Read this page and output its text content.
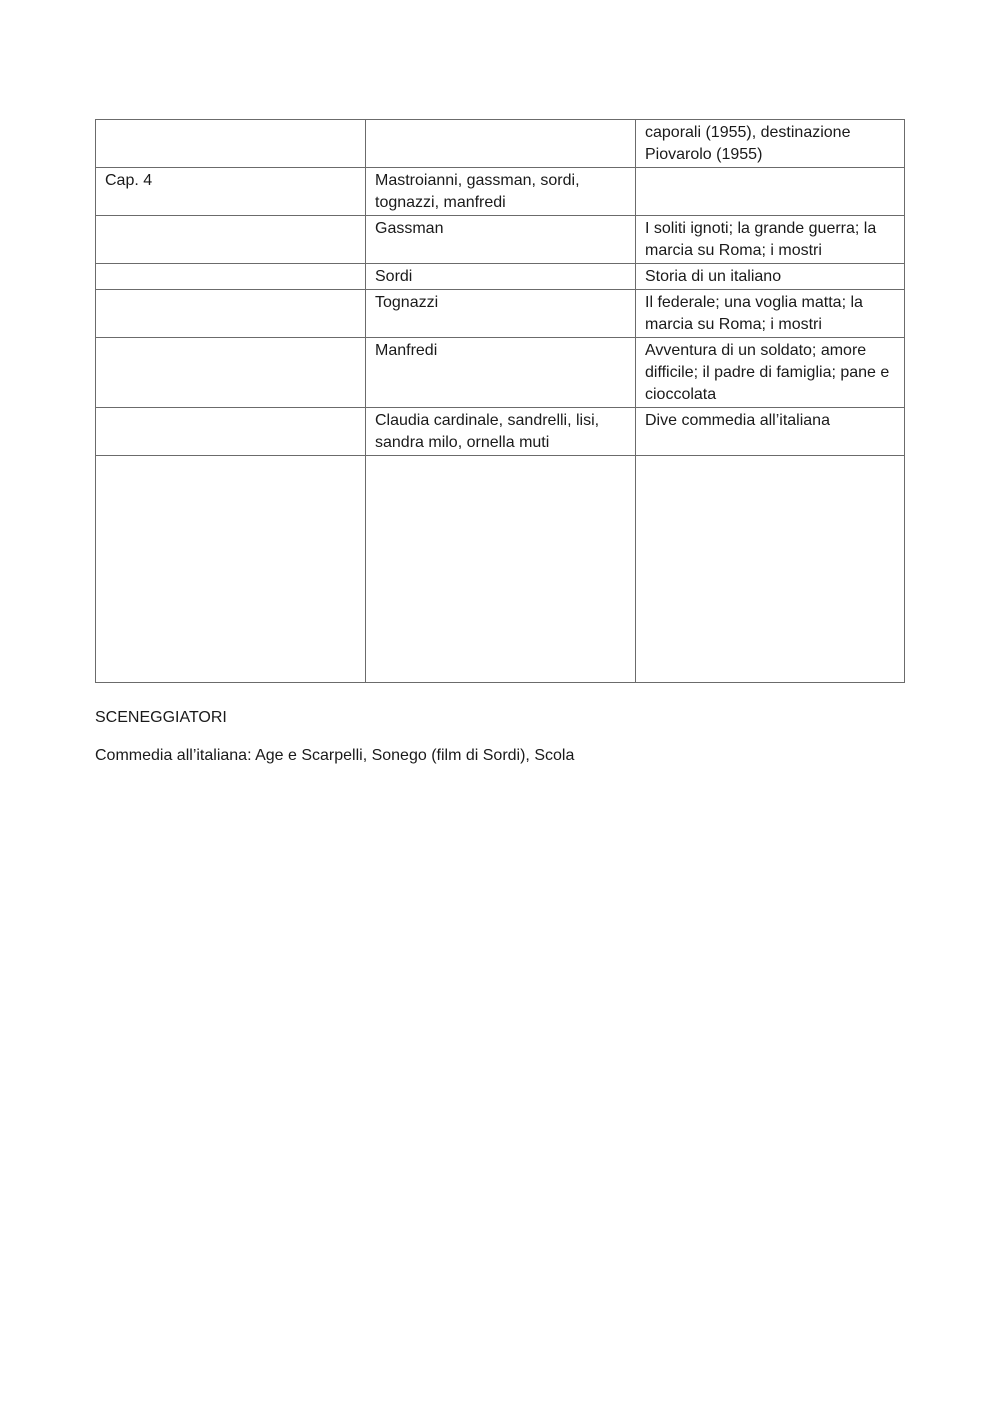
		caporali (1955), destinazione Piovarolo (1955)
Cap. 4	Mastroianni, gassman, sordi, tognazzi, manfredi	
	Gassman	I soliti ignoti; la grande guerra; la marcia su Roma; i mostri
	Sordi	Storia di un italiano
	Tognazzi	Il federale; una voglia matta; la marcia su Roma; i mostri
	Manfredi	Avventura di un soldato; amore difficile; il padre di famiglia; pane e cioccolata
	Claudia cardinale, sandrelli, lisi, sandra milo, ornella muti	Dive commedia all’italiana

SCENEGGIATORI

Commedia all’italiana: Age e Scarpelli, Sonego (film di Sordi), Scola
